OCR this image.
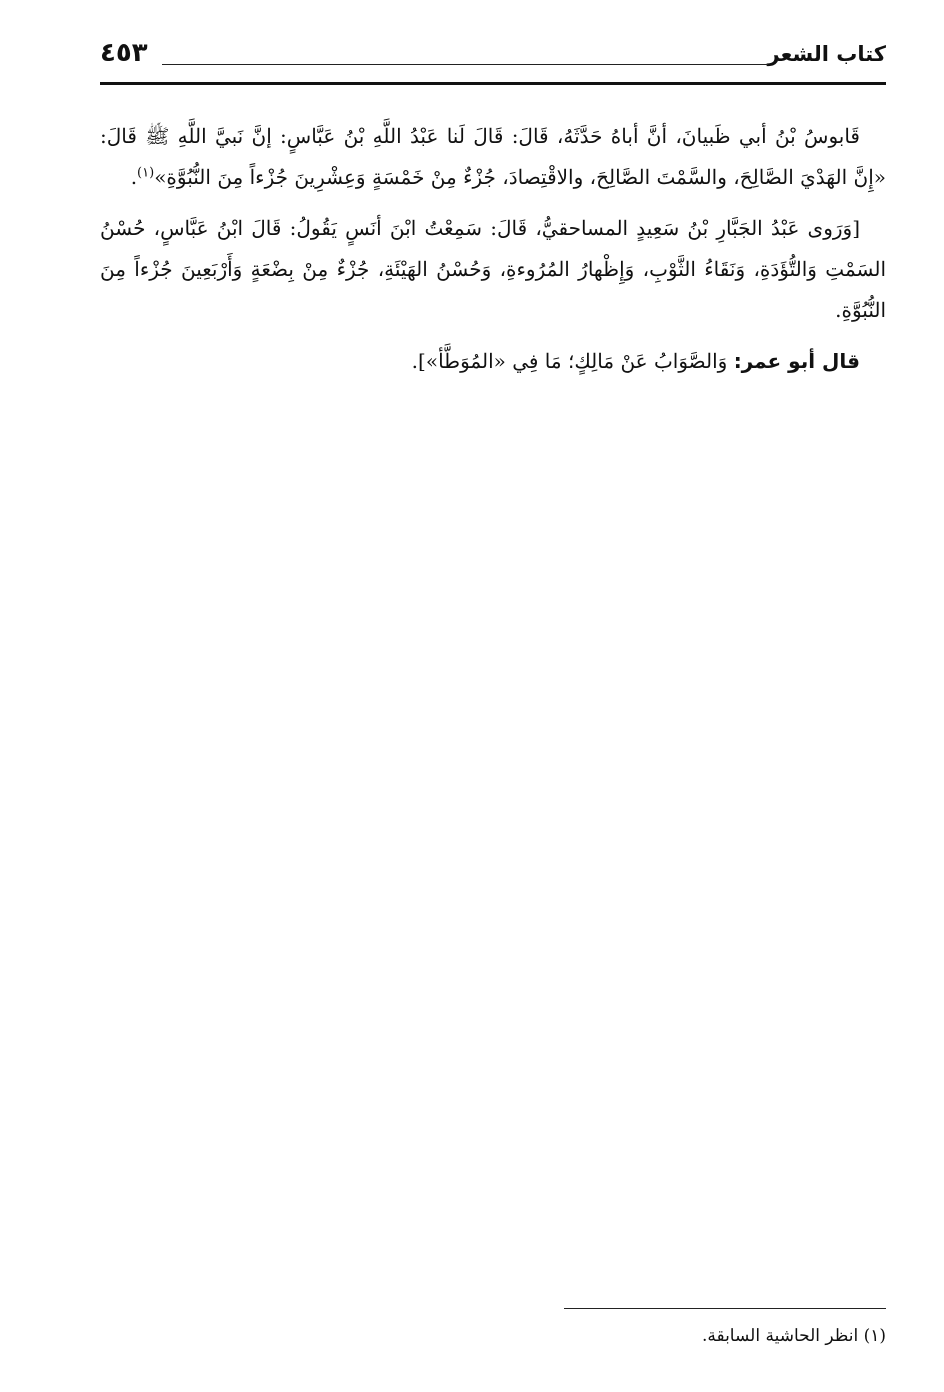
كتاب الشعر
٤٥٣

قَابوسُ بْنُ أبي ظَبيانَ، أنَّ أباهُ حَدَّثَهُ، قَالَ: قَالَ لَنا عَبْدُ اللَّهِ بْنُ عَبَّاسٍ: إنَّ نَبيَّ اللَّهِ ﷺ قَالَ: «إِنَّ الهَدْيَ الصَّالِحَ، والسَّمْتَ الصَّالِحَ، والاقْتِصادَ، جُزْءٌ مِنْ خَمْسَةٍ وَعِشْرِينَ جُزْءاً مِنَ النُّبُوَّةِ»$^{(١)}$.

[وَرَوى عَبْدُ الجَبَّارِ بْنُ سَعِيدٍ المساحقيُّ، قَالَ: سَمِعْتُ ابْنَ أنَسٍ يَقُولُ: قَالَ ابْنُ عَبَّاسٍ، حُسْنُ السَمْتِ وَالتُّؤَدَةِ، وَنَقَاءُ الثَّوْبِ، وَإِظْهارُ المُرُوءةِ، وَحُسْنُ الهَيْئَةِ، جُزْءٌ مِنْ بِضْعَةٍ وَأَرْبَعِينَ جُزْءاً مِنَ النُّبُوَّةِ.

قال أبو عمر: وَالصَّوَابُ عَنْ مَالِكٍ؛ مَا فِي «المُوَطَّأ»].

(١) انظر الحاشية السابقة.
